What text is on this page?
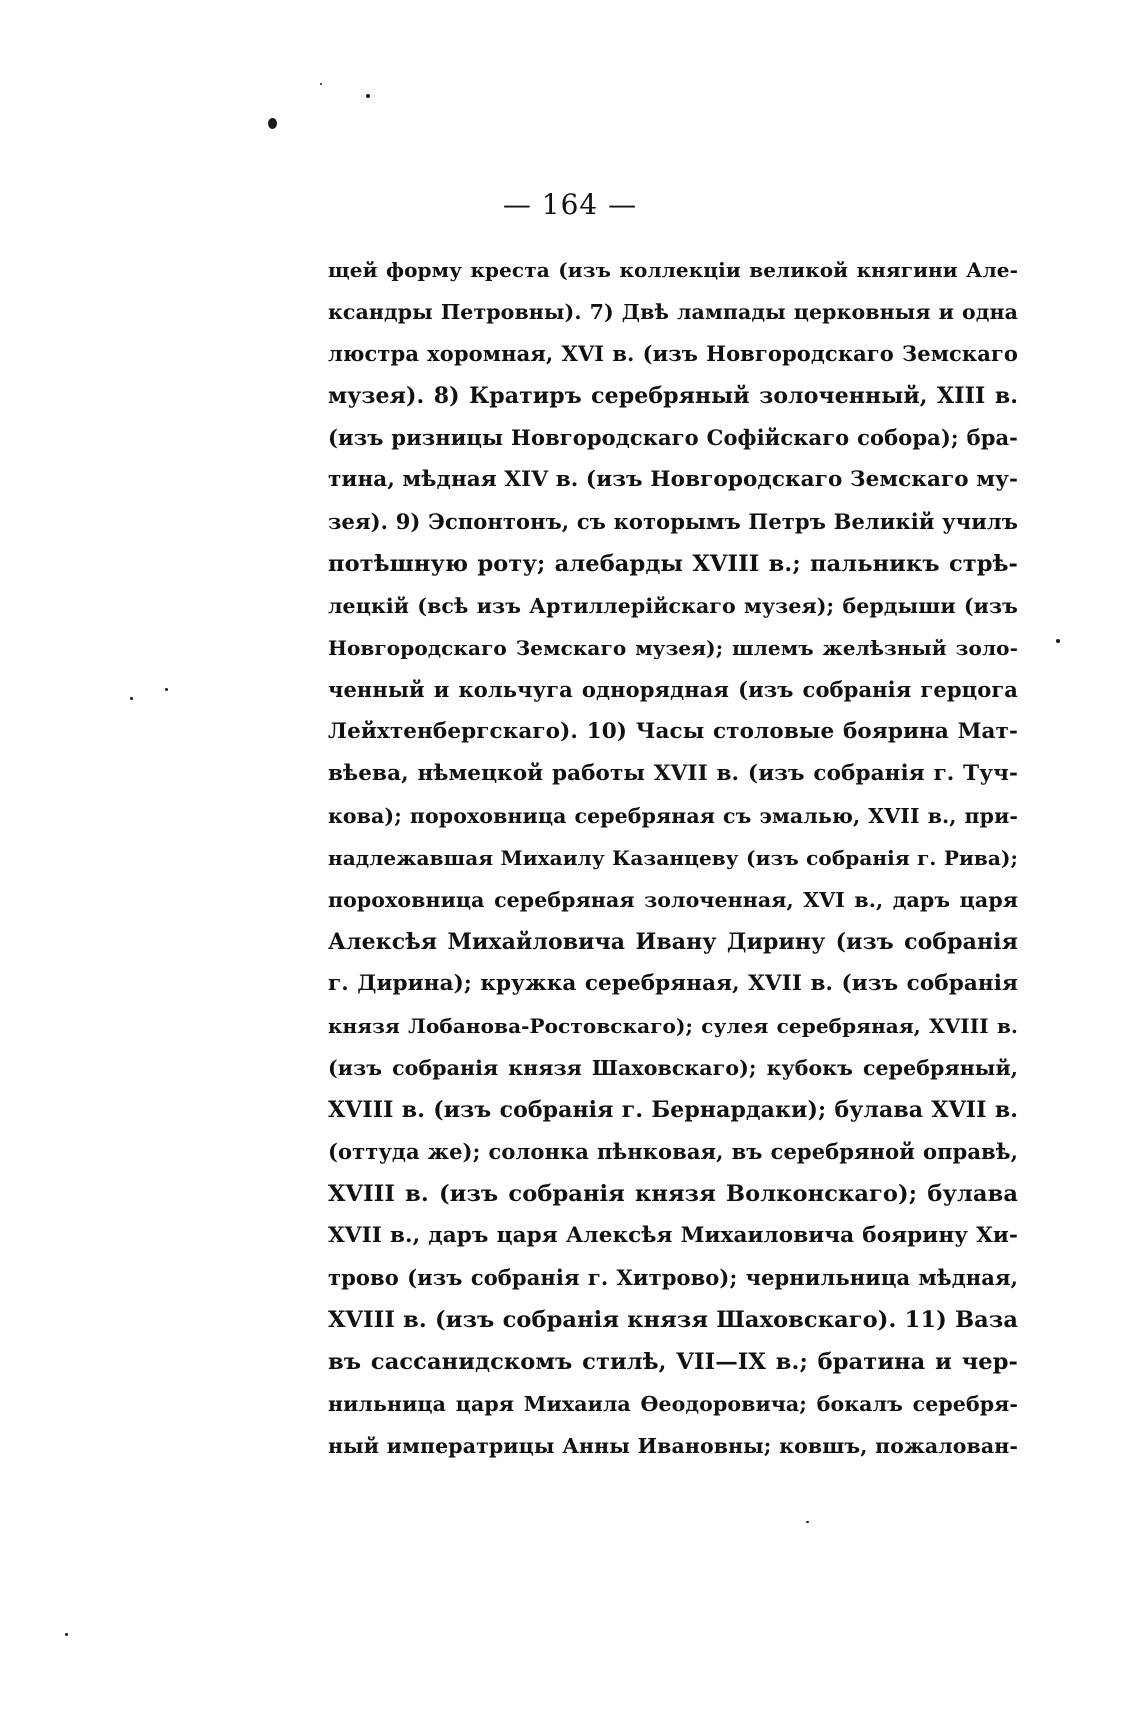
— 164 —
щей форму креста (изъ коллекціи великой княгини Але-
ксандры Петровны). 7) Двѣ лампады церковныя и одна
люстра хоромная, XVI в. (изъ Новгородскаго Земскаго
музея). 8) Кратиръ серебряный золоченный, XIII в.
(изъ ризницы Новгородскаго Софійскаго собора); бра-
тина, мѣдная XIV в. (изъ Новгородскаго Земскаго му-
зея). 9) Эспонтонъ, съ которымъ Петръ Великій училъ
потѣшную роту; алебарды XVIII в.; пальникъ стрѣ-
лецкій (всѣ изъ Артиллерійскаго музея); бердыши (изъ
Новгородскаго Земскаго музея); шлемъ желѣзный золо-
ченный и кольчуга однорядная (изъ собранія герцога
Лейхтенбергскаго). 10) Часы столовые боярина Мат-
вѣева, нѣмецкой работы XVII в. (изъ собранія г. Туч-
кова); пороховница серебряная съ эмалью, XVII в., при-
надлежавшая Михаилу Казанцеву (изъ собранія г. Рива);
пороховница серебряная золоченная, XVI в., даръ царя
Алексѣя Михайловича Ивану Дирину (изъ собранія
г. Дирина); кружка серебряная, XVII в. (изъ собранія
князя Лобанова-Ростовскаго); сулея серебряная, XVIII в.
(изъ собранія князя Шаховскаго); кубокъ серебряный,
XVIII в. (изъ собранія г. Бернардаки); булава XVII в.
(оттуда же); солонка пѣнковая, въ серебряной оправѣ,
XVIII в. (изъ собранія князя Волконскаго); булава
XVII в., даръ царя Алексѣя Михаиловича боярину Хи-
трово (изъ собранія г. Хитрово); чернильница мѣдная,
XVIII в. (изъ собранія князя Шаховскаго). 11) Ваза
въ сассанидскомъ стилѣ, VII—IX в.; братина и чер-
нильница царя Михаила Ѳеодоровича; бокалъ серебря-
ный императрицы Анны Ивановны; ковшъ, пожалован-
